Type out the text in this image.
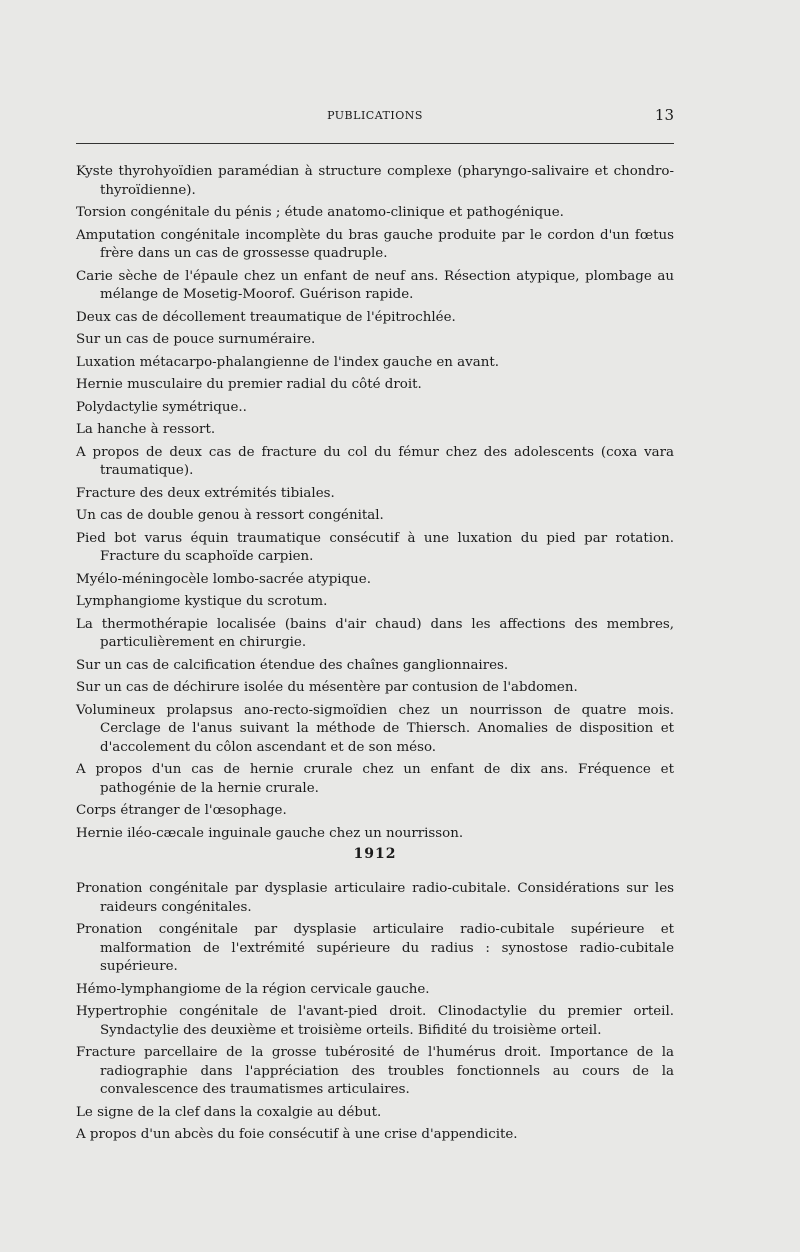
PUBLICATIONS	13
Kyste thyrohyoïdien paramédian à structure complexe (pharyngo-salivaire et chondro-thyroïdienne).
Torsion congénitale du pénis ; étude anatomo-clinique et pathogénique.
Amputation congénitale incomplète du bras gauche produite par le cordon d'un fœtus frère dans un cas de grossesse quadruple.
Carie sèche de l'épaule chez un enfant de neuf ans. Résection atypique, plombage au mélange de Mosetig-Moorof. Guérison rapide.
Deux cas de décollement treaumatique de l'épitrochlée.
Sur un cas de pouce surnuméraire.
Luxation métacarpo-phalangienne de l'index gauche en avant.
Hernie musculaire du premier radial du côté droit.
Polydactylie symétrique..
La hanche à ressort.
A propos de deux cas de fracture du col du fémur chez des adolescents (coxa vara traumatique).
Fracture des deux extrémités tibiales.
Un cas de double genou à ressort congénital.
Pied bot varus équin traumatique consécutif à une luxation du pied par rotation. Fracture du scaphoïde carpien.
Myélo-méningocèle lombo-sacrée atypique.
Lymphangiome kystique du scrotum.
La thermothérapie localisée (bains d'air chaud) dans les affections des membres, particulièrement en chirurgie.
Sur un cas de calcification étendue des chaînes ganglionnaires.
Sur un cas de déchirure isolée du mésentère par contusion de l'abdomen.
Volumineux prolapsus ano-recto-sigmoïdien chez un nourrisson de quatre mois. Cerclage de l'anus suivant la méthode de Thiersch. Anomalies de disposition et d'accolement du côlon ascendant et de son méso.
A propos d'un cas de hernie crurale chez un enfant de dix ans. Fréquence et pathogénie de la hernie crurale.
Corps étranger de l'œsophage.
Hernie iléo-cæcale inguinale gauche chez un nourrisson.
1912
Pronation congénitale par dysplasie articulaire radio-cubitale. Considérations sur les raideurs congénitales.
Pronation congénitale par dysplasie articulaire radio-cubitale supérieure et malformation de l'extrémité supérieure du radius : synostose radio-cubitale supérieure.
Hémo-lymphangiome de la région cervicale gauche.
Hypertrophie congénitale de l'avant-pied droit. Clinodactylie du premier orteil. Syndactylie des deuxième et troisième orteils. Bifidité du troisième orteil.
Fracture parcellaire de la grosse tubérosité de l'humérus droit. Importance de la radiographie dans l'appréciation des troubles fonctionnels au cours de la convalescence des traumatismes articulaires.
Le signe de la clef dans la coxalgie au début.
A propos d'un abcès du foie consécutif à une crise d'appendicite.
